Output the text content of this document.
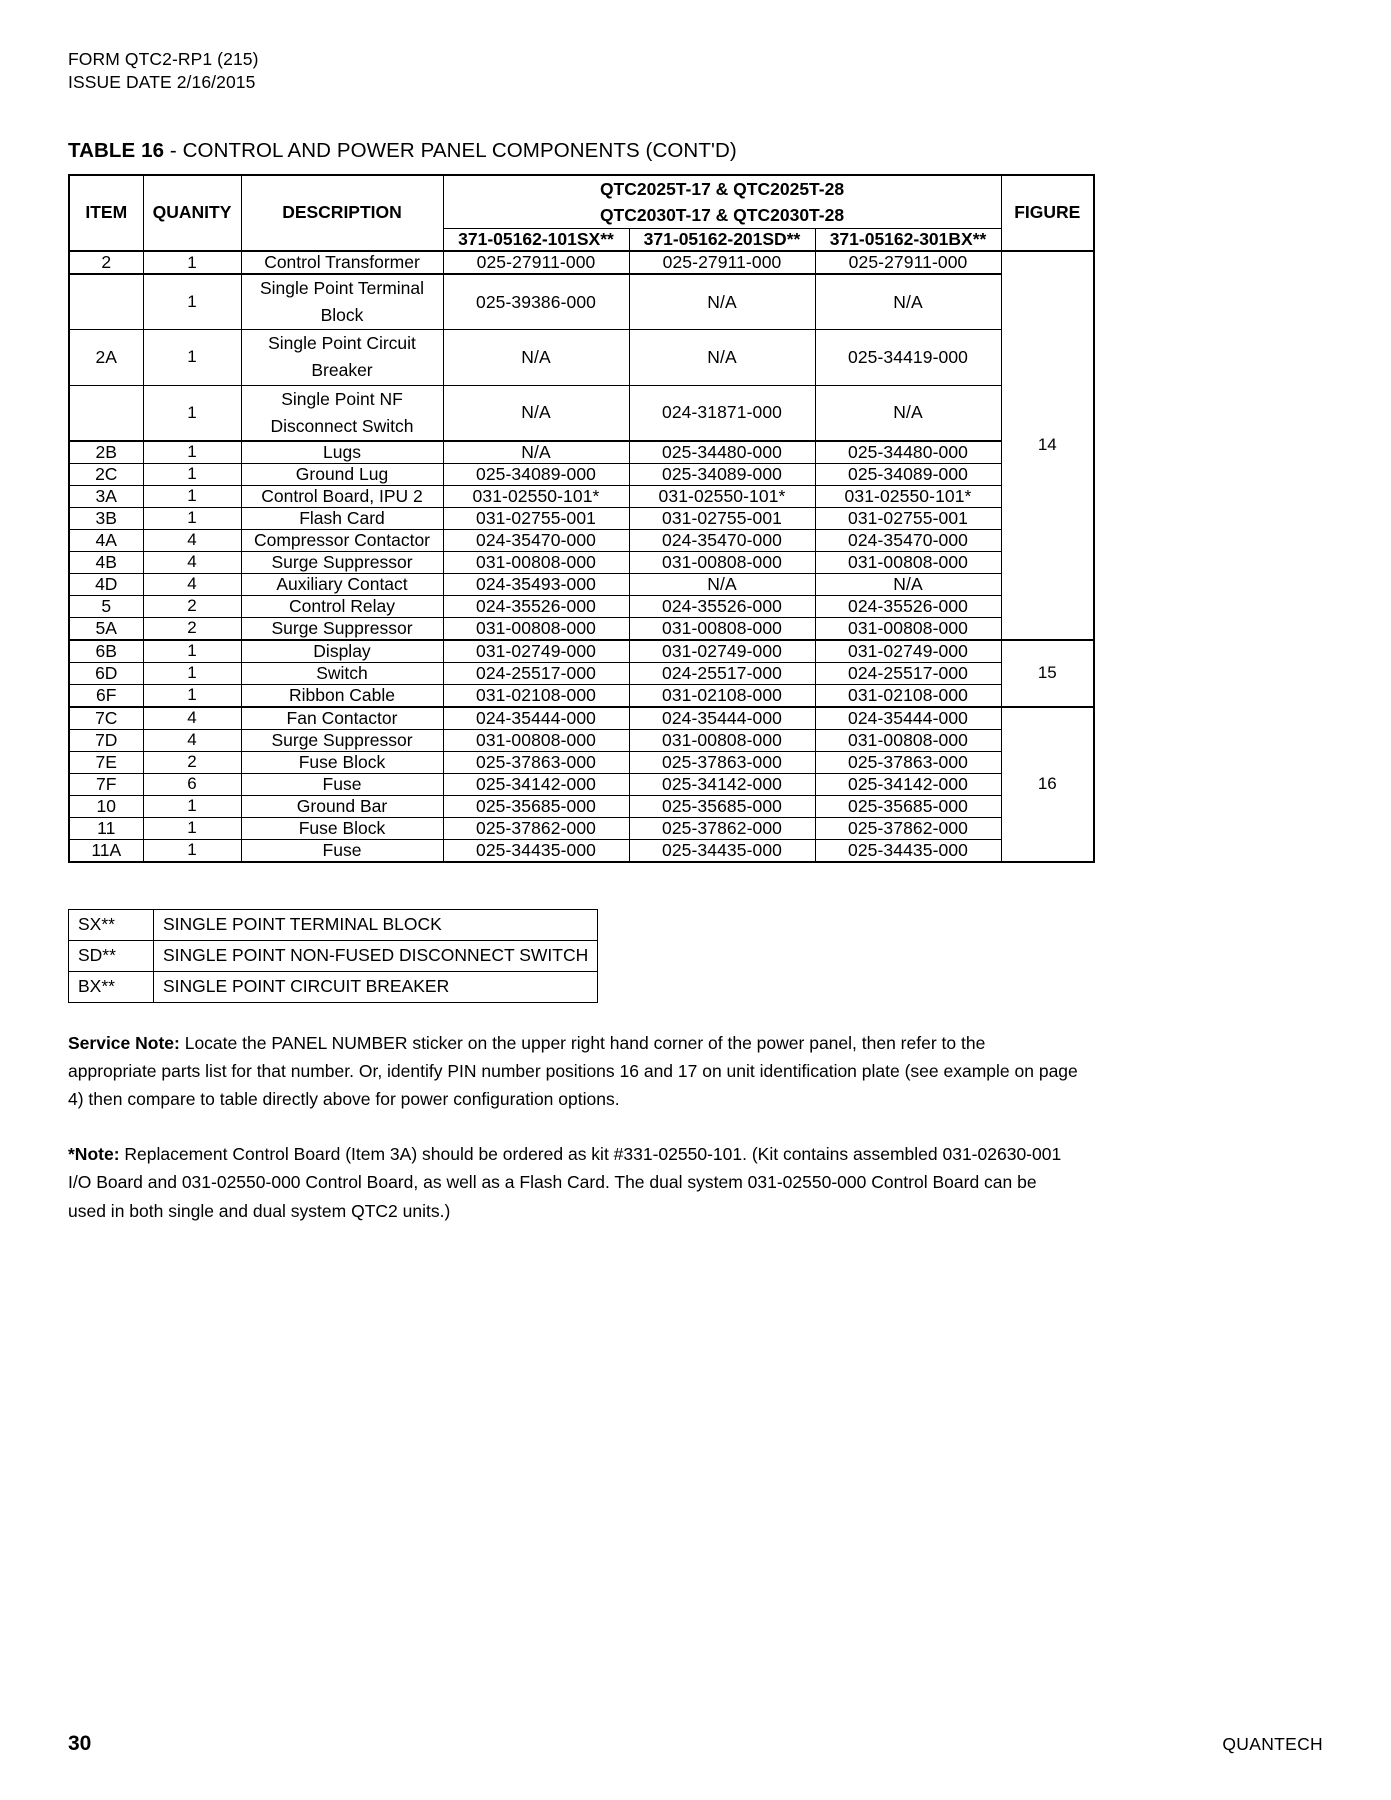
FORM QTC2-RP1 (215)
ISSUE DATE 2/16/2015
TABLE 16 - CONTROL AND POWER PANEL COMPONENTS (CONT'D)
ITEM	QUANITY	DESCRIPTION	QTC2025T-17 & QTC2025T-28
QTC2030T-17 & QTC2030T-28			FIGURE
			371-05162-101SX**	371-05162-201SD**	371-05162-301BX**	
2	1	Control Transformer	025-27911-000	025-27911-000	025-27911-000	14
	1	Single Point Terminal
Block	025-39386-000	N/A	N/A	
2A	1	Single Point Circuit
Breaker	N/A	N/A	025-34419-000	
	1	Single Point NF
Disconnect Switch	N/A	024-31871-000	N/A	
2B	1	Lugs	N/A	025-34480-000	025-34480-000	
2C	1	Ground Lug	025-34089-000	025-34089-000	025-34089-000	
3A	1	Control Board, IPU 2	031-02550-101*	031-02550-101*	031-02550-101*	
3B	1	Flash Card	031-02755-001	031-02755-001	031-02755-001	
4A	4	Compressor Contactor	024-35470-000	024-35470-000	024-35470-000	
4B	4	Surge Suppressor	031-00808-000	031-00808-000	031-00808-000	
4D	4	Auxiliary Contact	024-35493-000	N/A	N/A	
5	2	Control Relay	024-35526-000	024-35526-000	024-35526-000	
5A	2	Surge Suppressor	031-00808-000	031-00808-000	031-00808-000	
6B	1	Display	031-02749-000	031-02749-000	031-02749-000	15
6D	1	Switch	024-25517-000	024-25517-000	024-25517-000	
6F	1	Ribbon Cable	031-02108-000	031-02108-000	031-02108-000	
7C	4	Fan Contactor	024-35444-000	024-35444-000	024-35444-000	16
7D	4	Surge Suppressor	031-00808-000	031-00808-000	031-00808-000	
7E	2	Fuse Block	025-37863-000	025-37863-000	025-37863-000	
7F	6	Fuse	025-34142-000	025-34142-000	025-34142-000	
10	1	Ground Bar	025-35685-000	025-35685-000	025-35685-000	
11	1	Fuse Block	025-37862-000	025-37862-000	025-37862-000	
11A	1	Fuse	025-34435-000	025-34435-000	025-34435-000	
SX**	SINGLE POINT TERMINAL BLOCK
SD**	SINGLE POINT NON-FUSED DISCONNECT SWITCH
BX**	SINGLE POINT CIRCUIT BREAKER

Service Note: Locate the PANEL NUMBER sticker on the upper right hand corner of the power panel, then refer to the appropriate parts list for that number. Or, identify PIN number positions 16 and 17 on unit identification plate (see example on page 4) then compare to table directly above for power configuration options.

*Note: Replacement Control Board (Item 3A) should be ordered as kit #331-02550-101. (Kit contains assembled 031-02630-001 I/O Board and 031-02550-000 Control Board, as well as a Flash Card. The dual system 031-02550-000 Control Board can be used in both single and dual system QTC2 units.)

30	QUANTECH
